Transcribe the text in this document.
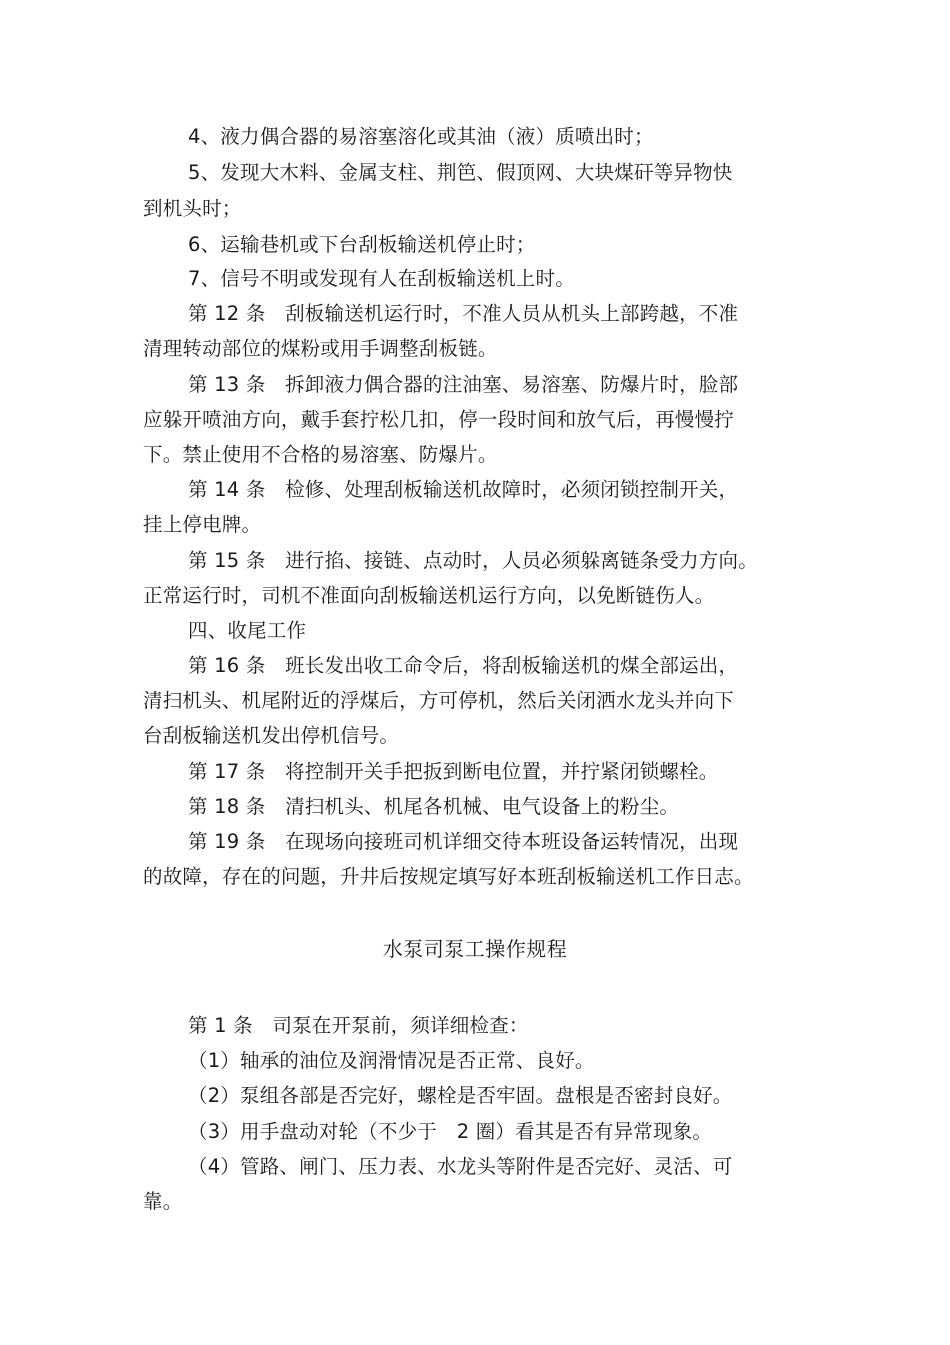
4、液力偶合器的易溶塞溶化或其油（液）质喷出时；
5、发现大木料、金属支柱、荆笆、假顶网、大块煤矸等异物快
到机头时；
6、运输巷机或下台刮板输送机停止时；
7、信号不明或发现有人在刮板输送机上时。
第 12 条　刮板输送机运行时，不准人员从机头上部跨越，不准
清理转动部位的煤粉或用手调整刮板链。
第 13 条　拆卸液力偶合器的注油塞、易溶塞、防爆片时，脸部
应躲开喷油方向，戴手套拧松几扣，停一段时间和放气后，再慢慢拧
下。禁止使用不合格的易溶塞、防爆片。
第 14 条　检修、处理刮板输送机故障时，必须闭锁控制开关，
挂上停电牌。
第 15 条　进行掐、接链、点动时，人员必须躲离链条受力方向。
正常运行时，司机不准面向刮板输送机运行方向，以免断链伤人。
四、收尾工作
第 16 条　班长发出收工命令后，将刮板输送机的煤全部运出，
清扫机头、机尾附近的浮煤后，方可停机，然后关闭洒水龙头并向下
台刮板输送机发出停机信号。
第 17 条　将控制开关手把扳到断电位置，并拧紧闭锁螺栓。
第 18 条　清扫机头、机尾各机械、电气设备上的粉尘。
第 19 条　在现场向接班司机详细交待本班设备运转情况，出现
的故障，存在的问题，升井后按规定填写好本班刮板输送机工作日志。
水泵司泵工操作规程
第 1 条　司泵在开泵前，须详细检查：
（1）轴承的油位及润滑情况是否正常、良好。
（2）泵组各部是否完好，螺栓是否牢固。盘根是否密封良好。
（3）用手盘动对轮（不少于　2 圈）看其是否有异常现象。
（4）管路、闸门、压力表、水龙头等附件是否完好、灵活、可
靠。
